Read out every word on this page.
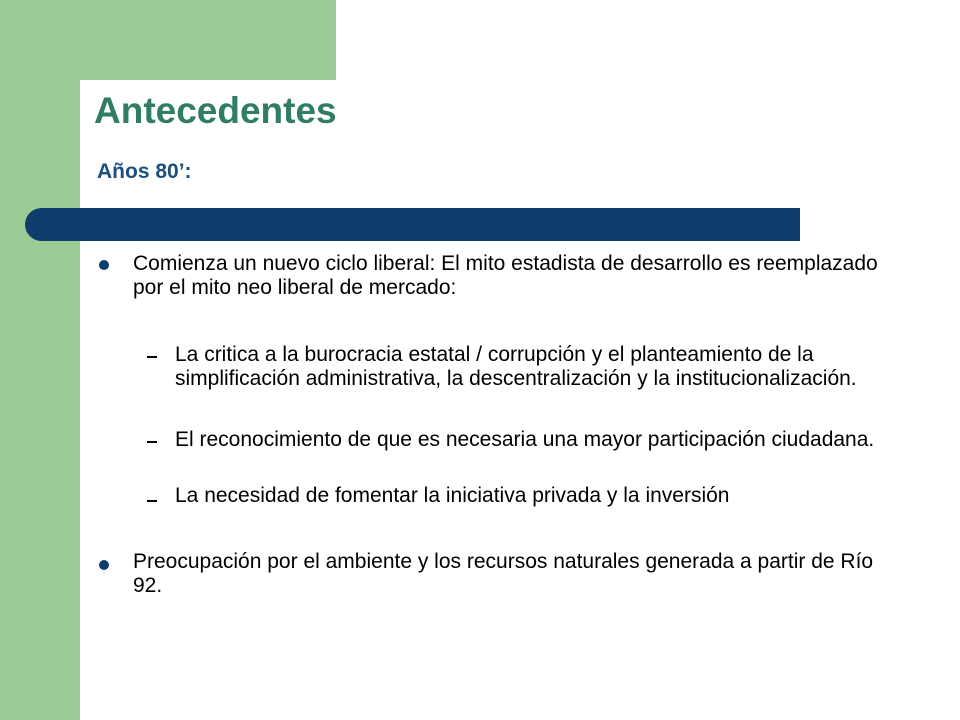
Antecedentes
Años 80’:

Comienza un nuevo ciclo liberal: El mito estadista de desarrollo es reemplazado por el mito neo liberal de mercado:

La critica a la burocracia estatal / corrupción y el planteamiento de la simplificación administrativa, la descentralización y la institucionalización.

El reconocimiento de que es necesaria una mayor participación ciudadana.

La necesidad de fomentar la iniciativa privada y la inversión

Preocupación por el ambiente y los recursos naturales generada a partir de Río 92.
